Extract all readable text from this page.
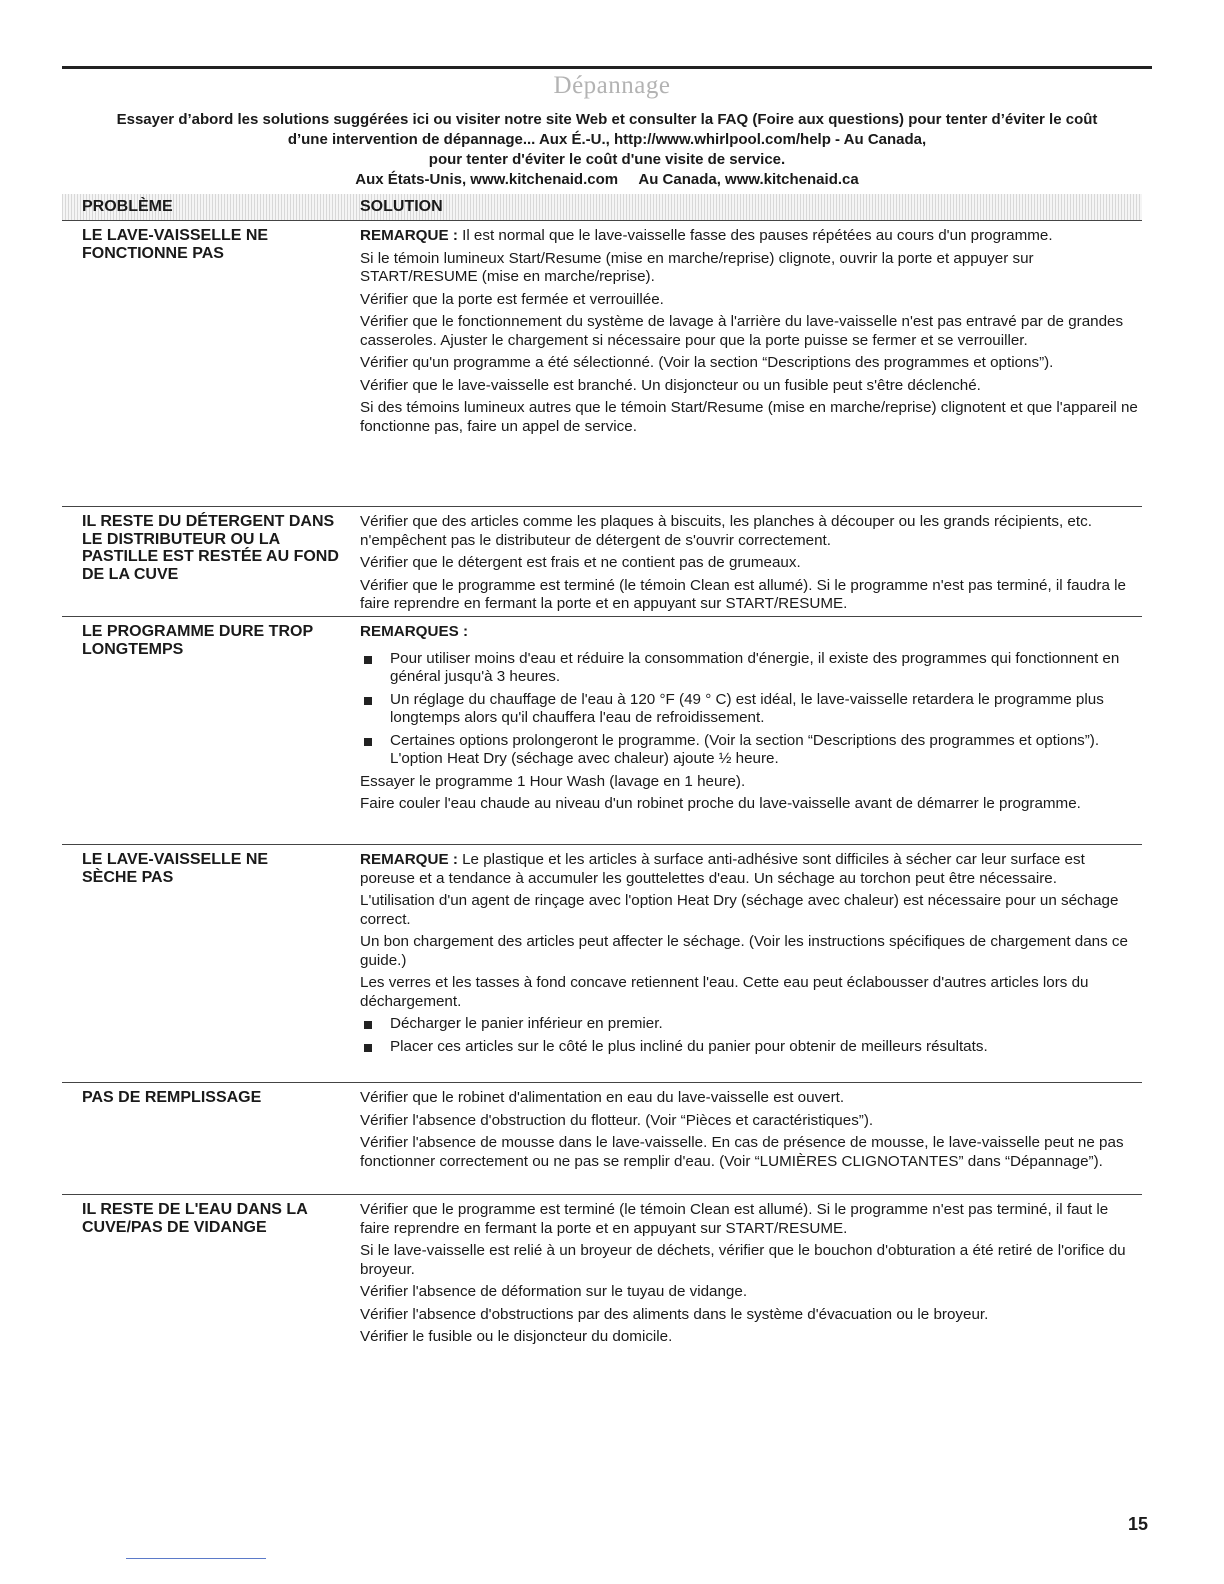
Dépannage
Essayer d’abord les solutions suggérées ici ou visiter notre site Web et consulter la FAQ (Foire aux questions) pour tenter d’éviter le coût
d’une intervention de dépannage... Aux É.-U., http://www.whirlpool.com/help - Au Canada,
pour tenter d'éviter le coût d'une visite de service.
Aux États-Unis, www.kitchenaid.com     Au Canada, www.kitchenaid.ca
PROBLÈME	SOLUTION
LE LAVE-VAISSELLE NE FONCTIONNE PAS

REMARQUE : Il est normal que le lave-vaisselle fasse des pauses répétées au cours d'un programme.

Si le témoin lumineux Start/Resume (mise en marche/reprise) clignote, ouvrir la porte et appuyer sur START/RESUME (mise en marche/reprise).

Vérifier que la porte est fermée et verrouillée.

Vérifier que le fonctionnement du système de lavage à l'arrière du lave-vaisselle n'est pas entravé par de grandes casseroles. Ajuster le chargement si nécessaire pour que la porte puisse se fermer et se verrouiller.

Vérifier qu'un programme a été sélectionné. (Voir la section “Descriptions des programmes et options”).

Vérifier que le lave-vaisselle est branché. Un disjoncteur ou un fusible peut s'être déclenché.

Si des témoins lumineux autres que le témoin Start/Resume (mise en marche/reprise) clignotent et que l'appareil ne fonctionne pas, faire un appel de service.

IL RESTE DU DÉTERGENT DANS LE DISTRIBUTEUR OU LA PASTILLE EST RESTÉE AU FOND DE LA CUVE

Vérifier que des articles comme les plaques à biscuits, les planches à découper ou les grands récipients, etc. n'empêchent pas le distributeur de détergent de s'ouvrir correctement.

Vérifier que le détergent est frais et ne contient pas de grumeaux.

Vérifier que le programme est terminé (le témoin Clean est allumé). Si le programme n'est pas terminé, il faudra le faire reprendre en fermant la porte et en appuyant sur START/RESUME.

LE PROGRAMME DURE TROP LONGTEMPS

REMARQUES :

Pour utiliser moins d'eau et réduire la consommation d'énergie, il existe des programmes qui fonctionnent en général jusqu'à 3 heures.
Un réglage du chauffage de l'eau à 120 °F (49 ° C) est idéal, le lave-vaisselle retardera le programme plus longtemps alors qu'il chauffera l'eau de refroidissement.
Certaines options prolongeront le programme. (Voir la section “Descriptions des programmes et options”). L'option Heat Dry (séchage avec chaleur) ajoute ½ heure.

Essayer le programme 1 Hour Wash (lavage en 1 heure).

Faire couler l'eau chaude au niveau d'un robinet proche du lave-vaisselle avant de démarrer le programme.

LE LAVE-VAISSELLE NE SÈCHE PAS

REMARQUE : Le plastique et les articles à surface anti-adhésive sont difficiles à sécher car leur surface est poreuse et a tendance à accumuler les gouttelettes d'eau. Un séchage au torchon peut être nécessaire.

L'utilisation d'un agent de rinçage avec l'option Heat Dry (séchage avec chaleur) est nécessaire pour un séchage correct.

Un bon chargement des articles peut affecter le séchage. (Voir les instructions spécifiques de chargement dans ce guide.)

Les verres et les tasses à fond concave retiennent l'eau. Cette eau peut éclabousser d'autres articles lors du déchargement.

Décharger le panier inférieur en premier.
Placer ces articles sur le côté le plus incliné du panier pour obtenir de meilleurs résultats.
PAS DE REMPLISSAGE	Vérifier que le robinet d'alimentation en eau du lave-vaisselle est ouvert.

Vérifier l'absence d'obstruction du flotteur. (Voir “Pièces et caractéristiques”).

Vérifier l'absence de mousse dans le lave-vaisselle. En cas de présence de mousse, le lave-vaisselle peut ne pas fonctionner correctement ou ne pas se remplir d'eau. (Voir “LUMIÈRES CLIGNOTANTES” dans “Dépannage”).

IL RESTE DE L'EAU DANS LA CUVE/PAS DE VIDANGE

Vérifier que le programme est terminé (le témoin Clean est allumé). Si le programme n'est pas terminé, il faut le faire reprendre en fermant la porte et en appuyant sur START/RESUME.

Si le lave-vaisselle est relié à un broyeur de déchets, vérifier que le bouchon d'obturation a été retiré de l'orifice du broyeur.

Vérifier l'absence de déformation sur le tuyau de vidange.

Vérifier l'absence d'obstructions par des aliments dans le système d'évacuation ou le broyeur.

Vérifier le fusible ou le disjoncteur du domicile.

15
